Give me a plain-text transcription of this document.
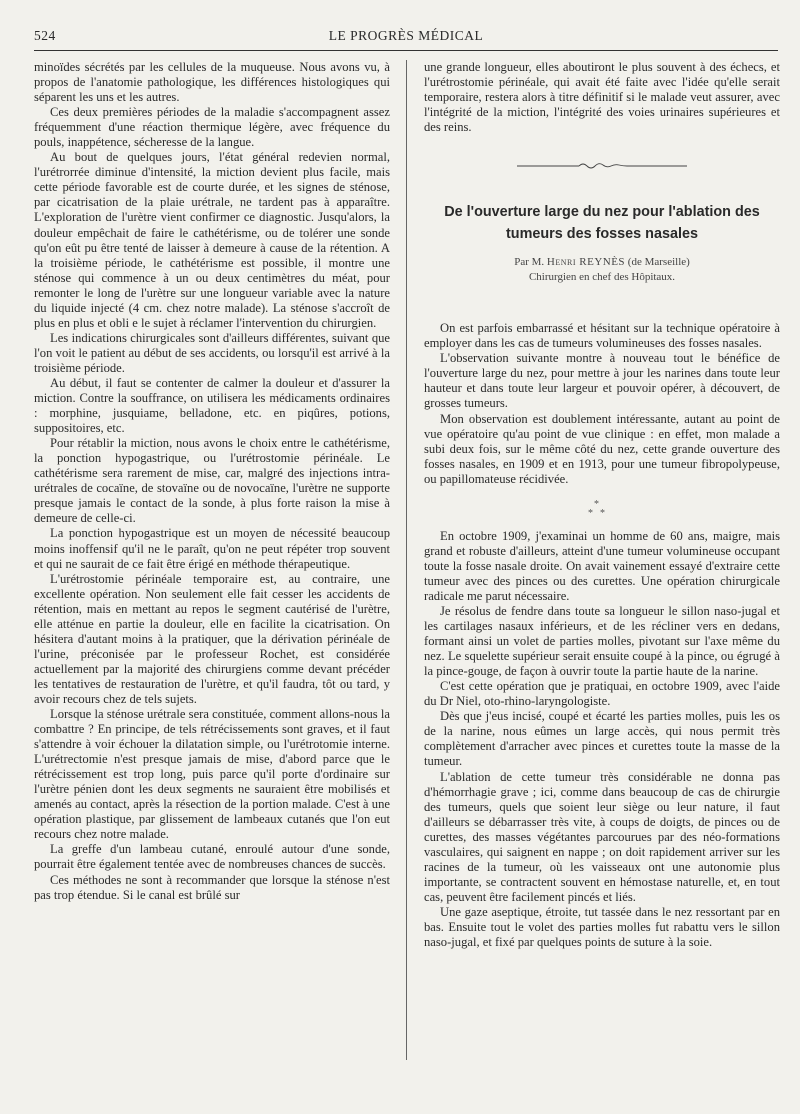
524	LE PROGRÈS MÉDICAL

minoïdes sécrétés par les cellules de la muqueuse. Nous avons vu, à propos de l'anatomie pathologique, les différences histologiques qui séparent les uns et les autres.

Ces deux premières périodes de la maladie s'accompagnent assez fréquemment d'une réaction thermique légère, avec fréquence du pouls, inappétence, sécheresse de la langue.

Au bout de quelques jours, l'état général redevien normal, l'urétrorrée diminue d'intensité, la miction devient plus facile, mais cette période favorable est de courte durée, et les signes de sténose, par cicatrisation de la plaie urétrale, ne tardent pas à apparaître. L'exploration de l'urètre vient confirmer ce diagnostic. Jusqu'alors, la douleur empêchait de faire le cathétérisme, ou de tolérer une sonde qu'on eût pu être tenté de laisser à demeure à cause de la rétention. A la troisième période, le cathétérisme est possible, il montre une sténose qui commence à un ou deux centimètres du méat, pour remonter le long de l'urètre sur une longueur variable avec la nature du liquide injecté (4 cm. chez notre malade). La sténose s'accroît de plus en plus et obli e le sujet à réclamer l'intervention du chirurgien.

Les indications chirurgicales sont d'ailleurs différentes, suivant que l'on voit le patient au début de ses accidents, ou lorsqu'il est arrivé à la troisième période.

Au début, il faut se contenter de calmer la douleur et d'assurer la miction. Contre la souffrance, on utilisera les médicaments ordinaires : morphine, jusquiame, belladone, etc. en piqûres, potions, suppositoires, etc.

Pour rétablir la miction, nous avons le choix entre le cathétérisme, la ponction hypogastrique, ou l'urétrostomie périnéale. Le cathétérisme sera rarement de mise, car, malgré des injections intra-urétrales de cocaïne, de stovaïne ou de novocaïne, l'urètre ne supporte presque jamais le contact de la sonde, à plus forte raison la mise à demeure de celle-ci.

La ponction hypogastrique est un moyen de nécessité beaucoup moins inoffensif qu'il ne le paraît, qu'on ne peut répéter trop souvent et qui ne saurait de ce fait être érigé en méthode thérapeutique.

L'urétrostomie périnéale temporaire est, au contraire, une excellente opération. Non seulement elle fait cesser les accidents de rétention, mais en mettant au repos le segment cautérisé de l'urètre, elle atténue en partie la douleur, elle en facilite la cicatrisation. On hésitera d'autant moins à la pratiquer, que la dérivation périnéale de l'urine, préconisée par le professeur Rochet, est considérée actuellement par la majorité des chirurgiens comme devant précéder les tentatives de restauration de l'urètre, et qu'il faudra, tôt ou tard, y avoir recours chez de tels sujets.

Lorsque la sténose urétrale sera constituée, comment allons-nous la combattre ? En principe, de tels rétrécissements sont graves, et il faut s'attendre à voir échouer la dilatation simple, ou l'urétrotomie interne. L'urétrectomie n'est presque jamais de mise, d'abord parce que le rétrécissement est trop long, puis parce qu'il porte d'ordinaire sur l'urètre pénien dont les deux segments ne sauraient être mobilisés et amenés au contact, après la résection de la portion malade. C'est à une opération plastique, par glissement de lambeaux cutanés que l'on eut recours chez notre malade.

La greffe d'un lambeau cutané, enroulé autour d'une sonde, pourrait être également tentée avec de nombreuses chances de succès.

Ces méthodes ne sont à recommander que lorsque la sténose n'est pas trop étendue. Si le canal est brûlé sur

une grande longueur, elles aboutiront le plus souvent à des échecs, et l'urétrostomie périnéale, qui avait été faite avec l'idée qu'elle serait temporaire, restera alors à titre définitif si le malade veut assurer, avec l'intégrité de la miction, l'intégrité des voies urinaires supérieures et des reins.

De l'ouverture large du nez pour l'ablation des tumeurs des fosses nasales
Par M. Henri REYNÈS (de Marseille)
Chirurgien en chef des Hôpitaux.

On est parfois embarrassé et hésitant sur la technique opératoire à employer dans les cas de tumeurs volumineuses des fosses nasales.

L'observation suivante montre à nouveau tout le bénéfice de l'ouverture large du nez, pour mettre à jour les narines dans toute leur hauteur et dans toute leur largeur et pouvoir opérer, à découvert, de grosses tumeurs.

Mon observation est doublement intéressante, autant au point de vue opératoire qu'au point de vue clinique : en effet, mon malade a subi deux fois, sur le même côté du nez, cette grande ouverture des fosses nasales, en 1909 et en 1913, pour une tumeur fibropolypeuse, ou papillomateuse récidivée.

*
* *

En octobre 1909, j'examinai un homme de 60 ans, maigre, mais grand et robuste d'ailleurs, atteint d'une tumeur volumineuse occupant toute la fosse nasale droite. On avait vainement essayé d'extraire cette tumeur avec des pinces ou des curettes. Une opération chirurgicale radicale me parut nécessaire.

Je résolus de fendre dans toute sa longueur le sillon naso-jugal et les cartilages nasaux inférieurs, et de les récliner vers en dedans, formant ainsi un volet de parties molles, pivotant sur l'axe même du nez. Le squelette supérieur serait ensuite coupé à la pince, ou égrugé à la pince-gouge, de façon à ouvrir toute la partie haute de la narine.

C'est cette opération que je pratiquai, en octobre 1909, avec l'aide du Dr Niel, oto-rhino-laryngologiste.

Dès que j'eus incisé, coupé et écarté les parties molles, puis les os de la narine, nous eûmes un large accès, qui nous permit très complètement d'arracher avec pinces et curettes toute la masse de la tumeur.

L'ablation de cette tumeur très considérable ne donna pas d'hémorrhagie grave ; ici, comme dans beaucoup de cas de chirurgie des tumeurs, quels que soient leur siège ou leur nature, il faut d'ailleurs se débarrasser très vite, à coups de doigts, de pinces ou de curettes, des masses végétantes parcourues par des néo-formations vasculaires, qui saignent en nappe ; on doit rapidement arriver sur les racines de la tumeur, où les vaisseaux ont une autonomie plus importante, se contractent souvent en hémostase naturelle, et, en tout cas, peuvent être facilement pincés et liés.

Une gaze aseptique, étroite, tut tassée dans le nez ressortant par en bas. Ensuite tout le volet des parties molles fut rabattu vers le sillon naso-jugal, et fixé par quelques points de suture à la soie.
